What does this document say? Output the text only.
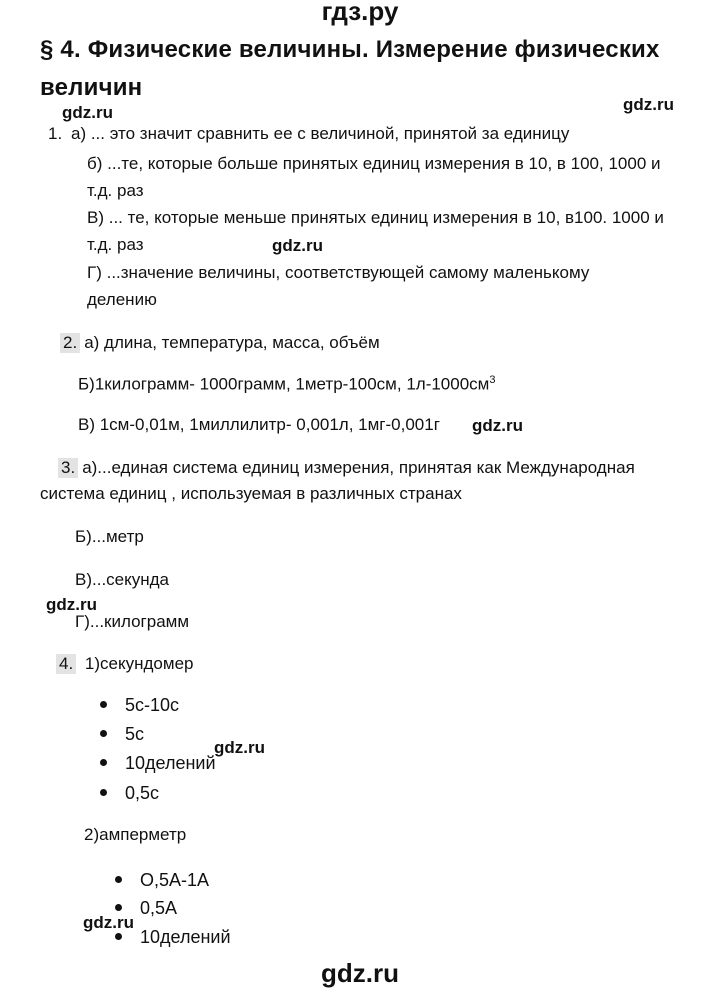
гдз.ру
§ 4. Физические величины. Измерение физических
величин
gdz.ru	gdz.ru
gdz.ru
gdz.ru
gdz.ru
gdz.ru
gdz.ru
1. а) ... это значит сравнить ее с величиной, принятой за единицу
б) ...те, которые больше принятых единиц измерения в 10, в 100, 1000 и
т.д. раз
В) ... те, которые меньше принятых единиц измерения в 10, в100. 1000 и
т.д. раз
Г) ...значение величины, соответствующей самому маленькому
делению
2. а) длина, температура, масса, объём
Б)1килограмм- 1000грамм, 1метр-100см, $1л-1000см^3$
В) 1см-0,01м, 1миллилитр- 0,001л, 1мг-0,001г
3. а)...единая система единиц измерения, принятая как Международная
система единиц , используемая в различных странах
Б)...метр
В)...секунда
Г)...килограмм
4. 1)секундомер
5с-10с
5с
10делений
0,5с
2)амперметр
О,5А-1А
0,5А
10делений
gdz.ru
